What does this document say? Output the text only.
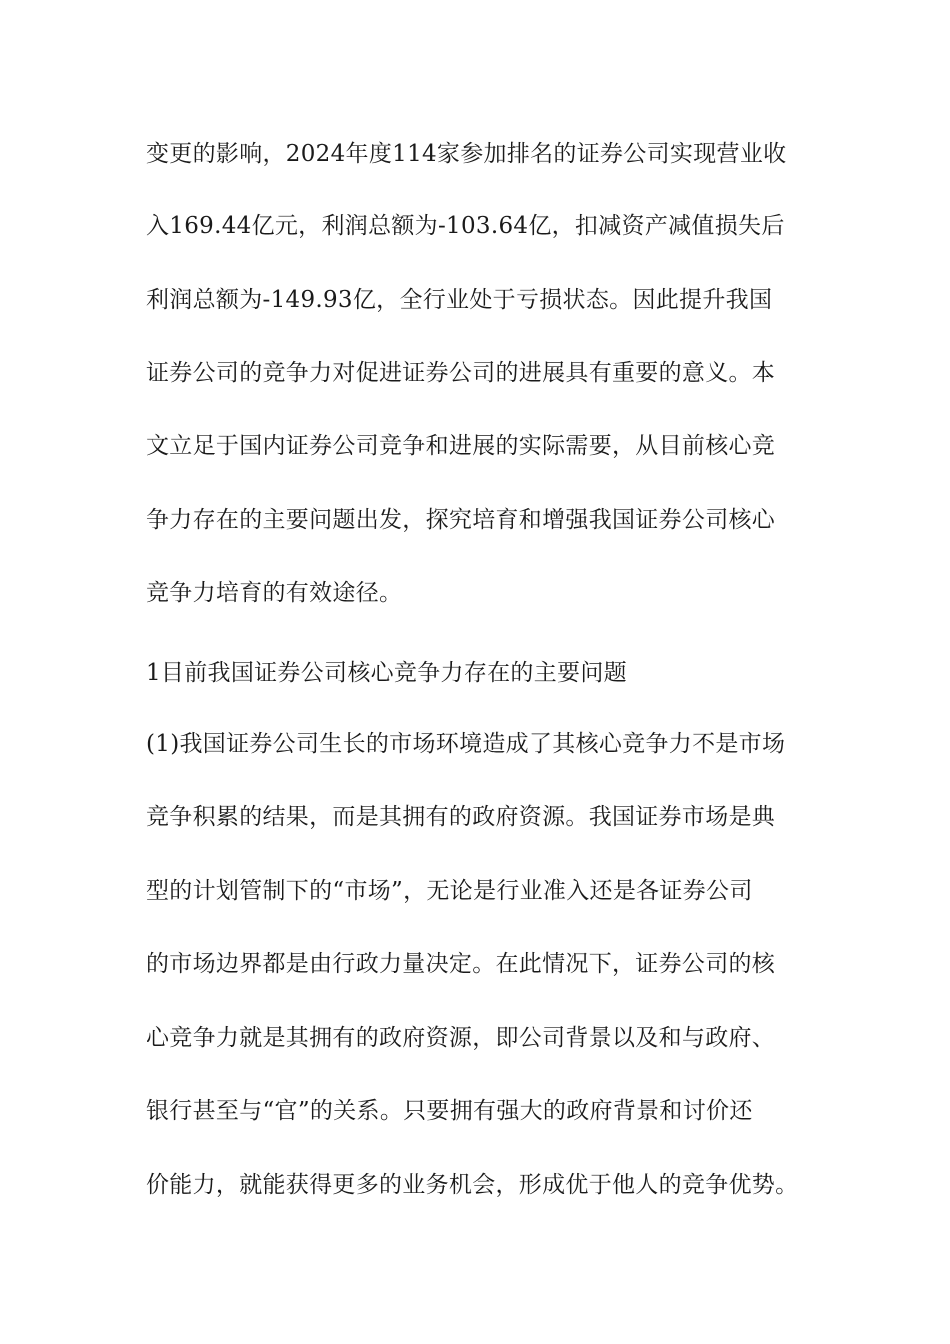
变更的影响，2024年度114家参加排名的证券公司实现营业收
入169.44亿元，利润总额为-103.64亿，扣减资产减值损失后
利润总额为-149.93亿，全行业处于亏损状态。因此提升我国
证券公司的竞争力对促进证券公司的进展具有重要的意义。本
文立足于国内证券公司竞争和进展的实际需要，从目前核心竞
争力存在的主要问题出发，探究培育和增强我国证券公司核心
竞争力培育的有效途径。
1目前我国证券公司核心竞争力存在的主要问题
(1)我国证券公司生长的市场环境造成了其核心竞争力不是市场
竞争积累的结果，而是其拥有的政府资源。我国证券市场是典
型的计划管制下的“市场”，无论是行业准入还是各证券公司
的市场边界都是由行政力量决定。在此情况下，证券公司的核
心竞争力就是其拥有的政府资源，即公司背景以及和与政府、
银行甚至与“官”的关系。只要拥有强大的政府背景和讨价还
价能力，就能获得更多的业务机会，形成优于他人的竞争优势。
